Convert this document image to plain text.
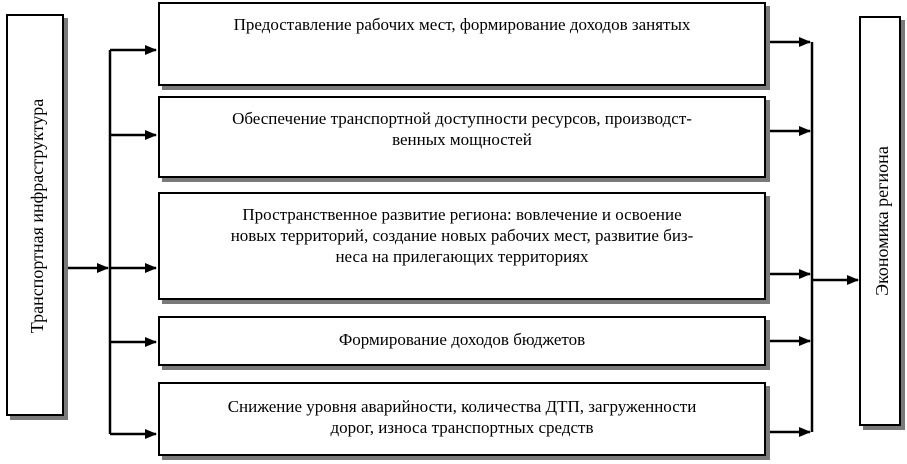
Транспортная инфраструктура	Экономика региона
Предоставление рабочих мест, формирование доходов занятых
Обеспечение транспортной доступности ресурсов, производст-
венных мощностей
Пространственное развитие региона: вовлечение и освоение
новых территорий, создание новых рабочих мест, развитие биз-
неса на прилегающих территориях
Формирование доходов бюджетов
Снижение уровня аварийности, количества ДТП, загруженности
дорог, износа транспортных средств
